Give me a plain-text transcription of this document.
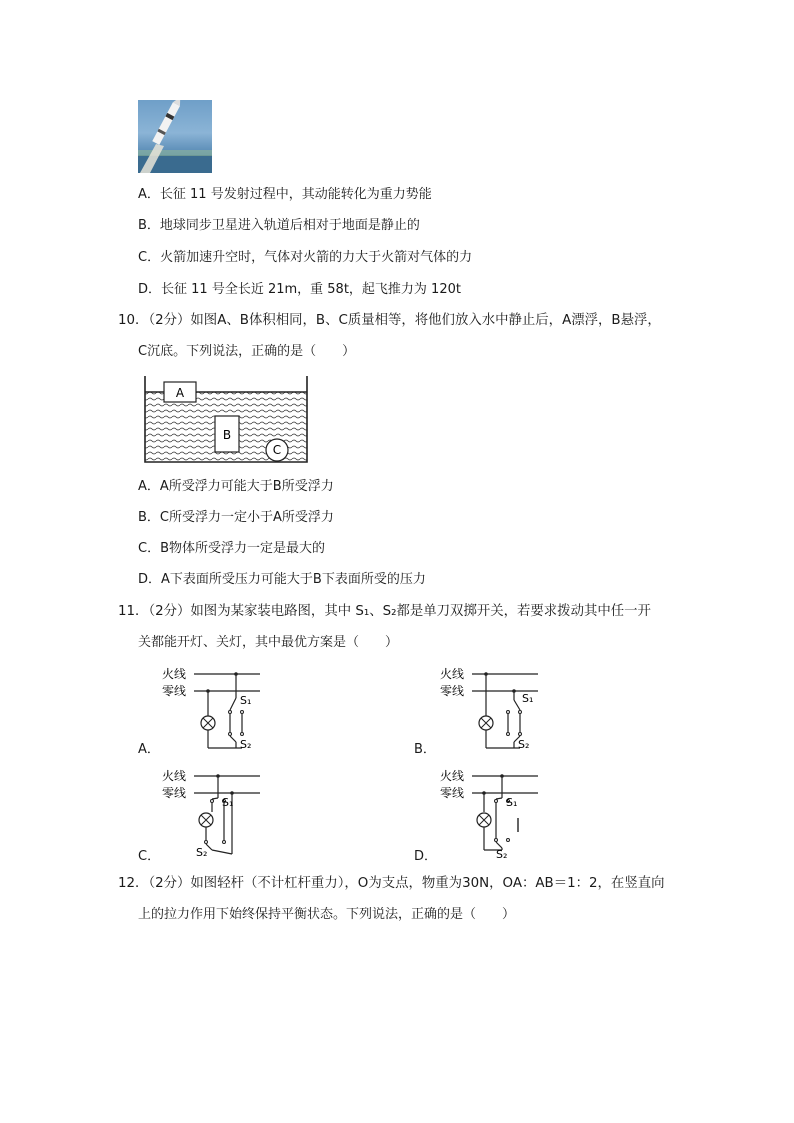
A．长征 11 号发射过程中，其动能转化为重力势能
B．地球同步卫星进入轨道后相对于地面是静止的
C．火箭加速升空时，气体对火箭的力大于火箭对气体的力
D．长征 11 号全长近 21m，重 58t，起飞推力为 120t
10．（2分）如图A、B体积相同，B、C质量相等，将他们放入水中静止后，A漂浮，B悬浮，
C沉底。下列说法，正确的是（　　）
A
B
C
A．A所受浮力可能大于B所受浮力
B．C所受浮力一定小于A所受浮力
C．B物体所受浮力一定是最大的
D．A下表面所受压力可能大于B下表面所受的压力
11．（2分）如图为某家装电路图，其中 S₁、S₂都是单刀双掷开关，若要求拨动其中任一开
关都能开灯、关灯，其中最优方案是（　　）
火线
零线
S₁
S₂
A．
火线
零线
S₁
S₂
B．
火线
零线
S₁
S₂
C．
火线
零线
S₁
S₂
D．
12．（2分）如图轻杆（不计杠杆重力），O为支点，物重为30N，OA：AB＝1：2，在竖直向
上的拉力作用下始终保持平衡状态。下列说法，正确的是（　　）
